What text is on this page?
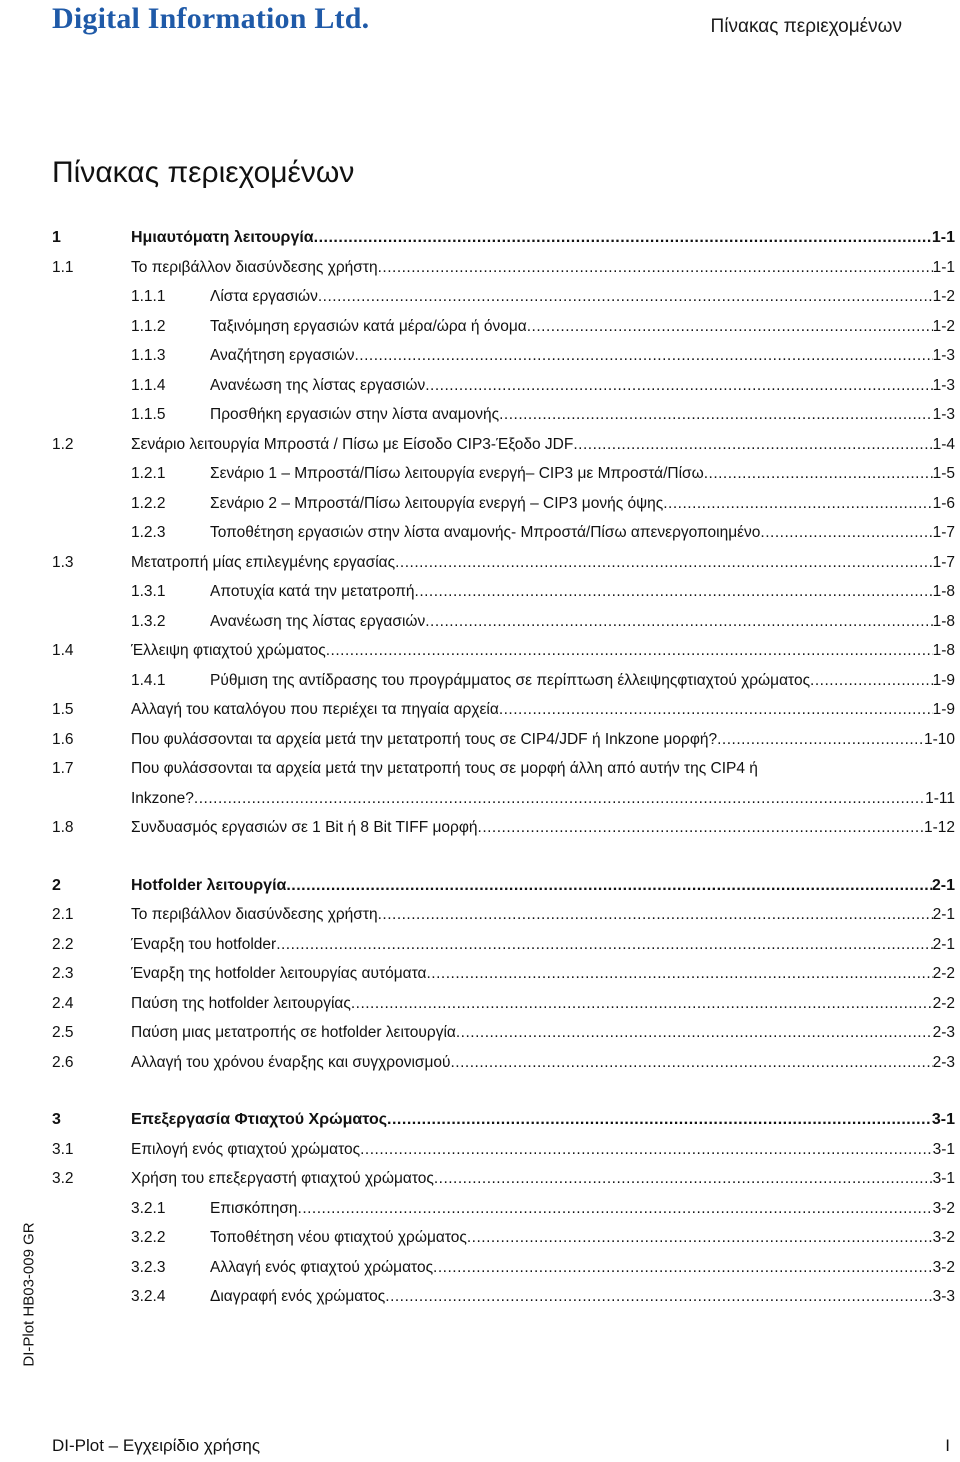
Digital Information Ltd.	Πίνακας περιεχομένων
Πίνακας περιεχομένων
1	Ημιαυτόματη λειτουργία .....	1-1
1.1	Το περιβάλλον διασύνδεσης χρήστη .....	1-1
1.1.1	Λίστα εργασιών .....	1-2
1.1.2	Ταξινόμηση εργασιών κατά μέρα/ώρα ή όνομα .....	1-2
1.1.3	Αναζήτηση εργασιών .....	1-3
1.1.4	Ανανέωση της λίστας εργασιών .....	1-3
1.1.5	Προσθήκη εργασιών στην λίστα αναμονής .....	1-3
1.2	Σενάριο λειτουργία Μπροστά / Πίσω με Είσοδο CIP3-Έξοδο JDF .....	1-4
1.2.1	Σενάριο 1 – Μπροστά/Πίσω λειτουργία ενεργή– CIP3 με Μπροστά/Πίσω .....	1-5
1.2.2	Σενάριο 2 – Μπροστά/Πίσω λειτουργία ενεργή – CIP3 μονής όψης .....	1-6
1.2.3	Τοποθέτηση εργασιών στην λίστα αναμονής- Μπροστά/Πίσω απενεργοποιημένο .....	1-7
1.3	Μετατροπή μίας επιλεγμένης εργασίας .....	1-7
1.3.1	Αποτυχία κατά την μετατροπή .....	1-8
1.3.2	Ανανέωση της λίστας εργασιών .....	1-8
1.4	Έλλειψη φτιαχτού χρώματος .....	1-8
1.4.1	Ρύθμιση της αντίδρασης του προγράμματος σε περίπτωση έλλειψηςφτιαχτού χρώματος .....	1-9
1.5	Αλλαγή του καταλόγου που περιέχει τα πηγαία αρχεία .....	1-9
1.6	Που φυλάσσονται τα αρχεία μετά την μετατροπή τους σε CIP4/JDF ή Inkzone μορφή? .....	1-10
1.7	Που φυλάσσονται τα αρχεία μετά την μετατροπή τους σε μορφή άλλη από αυτήν της CIP4 ή
Inkzone? .....	1-11
1.8	Συνδυασμός εργασιών σε 1 Bit ή 8 Bit TIFF μορφή .....	1-12
2	Hotfolder λειτουργία .....	2-1
2.1	Το περιβάλλον διασύνδεσης χρήστη .....	2-1
2.2	Έναρξη του hotfolder .....	2-1
2.3	Έναρξη της hotfolder λειτουργίας αυτόματα .....	2-2
2.4	Παύση της hotfolder λειτουργίας .....	2-2
2.5	Παύση μιας μετατροπής σε hotfolder λειτουργία .....	2-3
2.6	Αλλαγή του χρόνου έναρξης και συγχρονισμού .....	2-3
3	Επεξεργασία Φτιαχτού Χρώματος .....	3-1
3.1	Επιλογή ενός φτιαχτού χρώματος .....	3-1
3.2	Χρήση του επεξεργαστή φτιαχτού χρώματος .....	3-1
3.2.1	Επισκόπηση .....	3-2
3.2.2	Τοποθέτηση νέου φτιαχτού χρώματος .....	3-2
3.2.3	Αλλαγή ενός φτιαχτού χρώματος .....	3-2
3.2.4	Διαγραφή ενός χρώματος .....	3-3
DI-Plot HB03-009 GR
DI-Plot – Εγχειρίδιο χρήσης	I
